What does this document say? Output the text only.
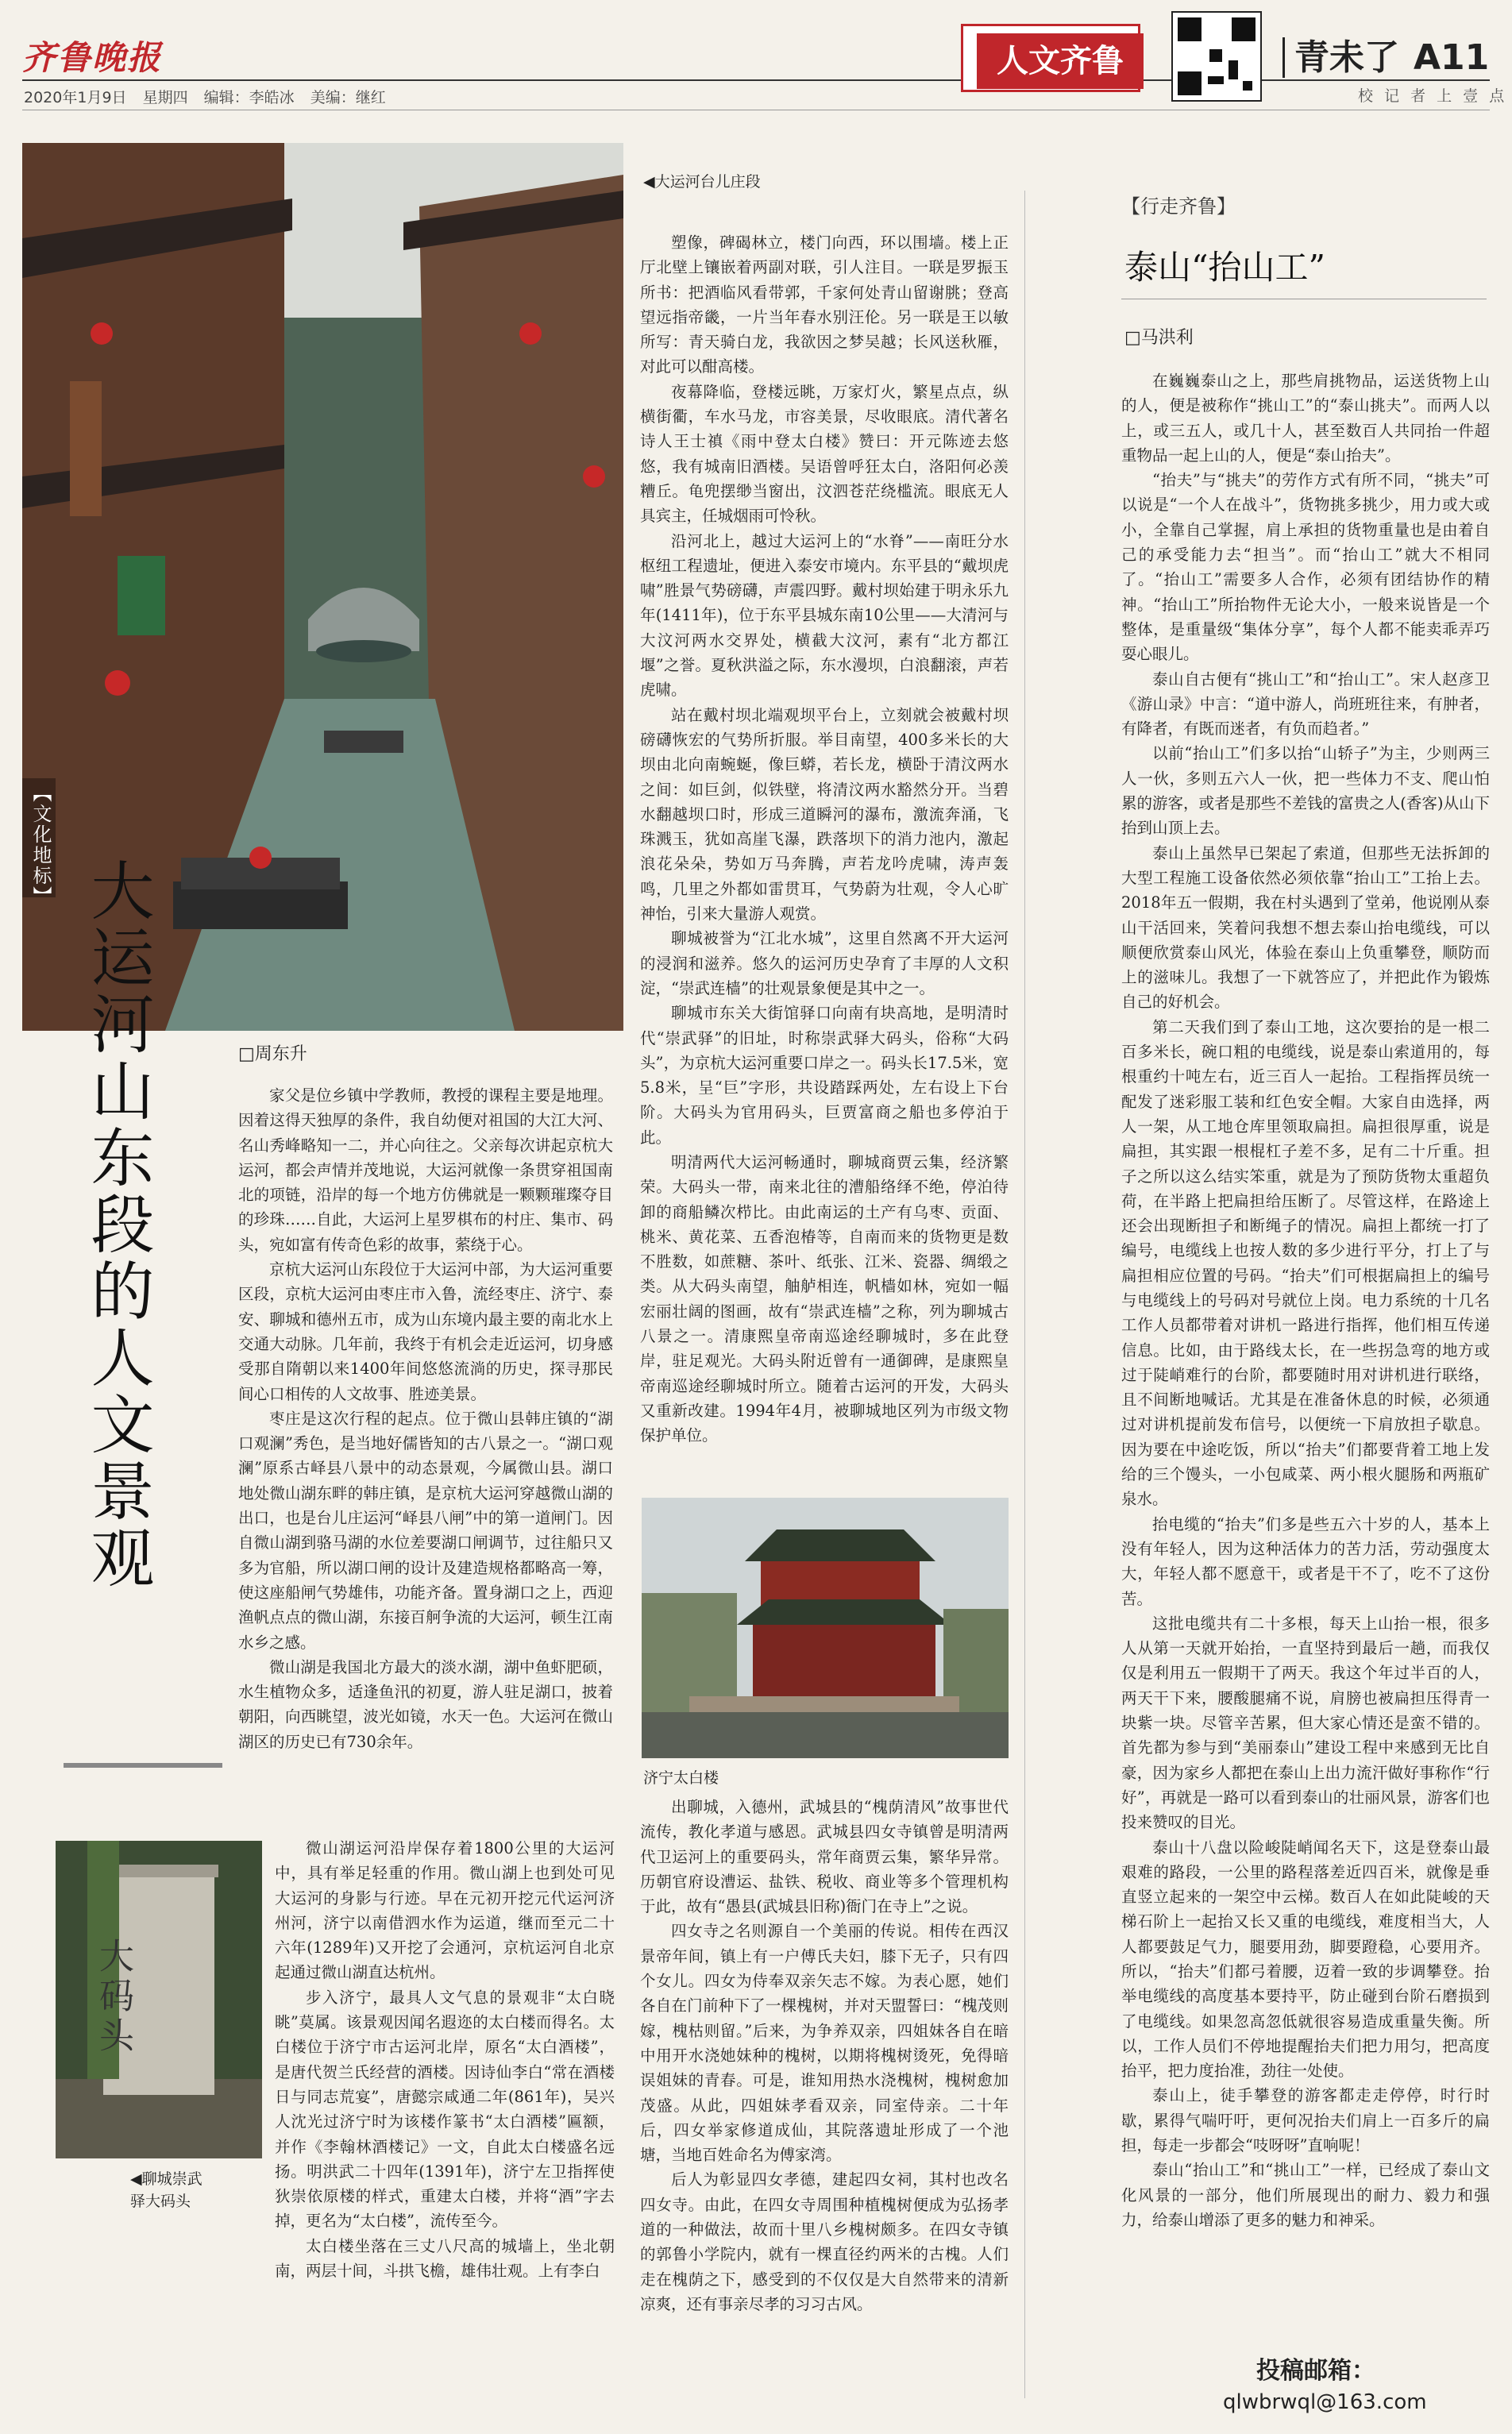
齐鲁晚报
2020年1月9日 星期四 编辑：李皓冰 美编：继红
人文齐鲁	青未了 A11
校 记 者 上 壹 点
【文化地标】
◀大运河台儿庄段
大运河山东段的人文景观	□周东升

家父是位乡镇中学教师，教授的课程主要是地理。因着这得天独厚的条件，我自幼便对祖国的大江大河、名山秀峰略知一二，并心向往之。父亲每次讲起京杭大运河，都会声情并茂地说，大运河就像一条贯穿祖国南北的项链，沿岸的每一个地方仿佛就是一颗颗璀璨夺目的珍珠……自此，大运河上星罗棋布的村庄、集市、码头，宛如富有传奇色彩的故事，萦绕于心。

京杭大运河山东段位于大运河中部，为大运河重要区段，京杭大运河由枣庄市入鲁，流经枣庄、济宁、泰安、聊城和德州五市，成为山东境内最主要的南北水上交通大动脉。几年前，我终于有机会走近运河，切身感受那自隋朝以来1400年间悠悠流淌的历史，探寻那民间心口相传的人文故事、胜迹美景。

枣庄是这次行程的起点。位于微山县韩庄镇的“湖口观澜”秀色，是当地好儒皆知的古八景之一。“湖口观澜”原系古峄县八景中的动态景观，今属微山县。湖口地处微山湖东畔的韩庄镇，是京杭大运河穿越微山湖的出口，也是台儿庄运河“峄县八闸”中的第一道闸门。因自微山湖到骆马湖的水位差要湖口闸调节，过往船只又多为官船，所以湖口闸的设计及建造规格都略高一筹，使这座船闸气势雄伟，功能齐备。置身湖口之上，西迎渔帆点点的微山湖，东接百舸争流的大运河，顿生江南水乡之感。

微山湖是我国北方最大的淡水湖，湖中鱼虾肥硕，水生植物众多，适逢鱼汛的初夏，游人驻足湖口，披着朝阳，向西眺望，波光如镜，水天一色。大运河在微山湖区的历史已有730余年。

大码头
◀聊城崇武驿大码头

微山湖运河沿岸保存着1800公里的大运河中，具有举足轻重的作用。微山湖上也到处可见大运河的身影与行迹。早在元初开挖元代运河济州河，济宁以南借泗水作为运道，继而至元二十六年(1289年)又开挖了会通河，京杭运河自北京起通过微山湖直达杭州。

步入济宁，最具人文气息的景观非“太白晓眺”莫属。该景观因闻名遐迩的太白楼而得名。太白楼位于济宁市古运河北岸，原名“太白酒楼”，是唐代贺兰氏经营的酒楼。因诗仙李白“常在酒楼日与同志荒宴”，唐懿宗咸通二年(861年)，吴兴人沈光过济宁时为该楼作篆书“太白酒楼”匾额，并作《李翰林酒楼记》一文，自此太白楼盛名远扬。明洪武二十四年(1391年)，济宁左卫指挥使狄崇依原楼的样式，重建太白楼，并将“酒”字去掉，更名为“太白楼”，流传至今。

太白楼坐落在三丈八尺高的城墙上，坐北朝南，两层十间，斗拱飞檐，雄伟壮观。上有李白

塑像，碑碣林立，楼门向西，环以围墙。楼上正厅北壁上镶嵌着两副对联，引人注目。一联是罗振玉所书：把酒临风看带郭，千家何处青山留谢朓；登高望远指帝畿，一片当年春水别汪伦。另一联是王以敏所写：青天骑白龙，我欲因之梦吴越；长风送秋雁，对此可以酣高楼。

夜幕降临，登楼远眺，万家灯火，繁星点点，纵横街衢，车水马龙，市容美景，尽收眼底。清代著名诗人王士禛《雨中登太白楼》赞曰：开元陈迹去悠悠，我有城南旧酒楼。吴语曾呼狂太白，洛阳何必羡糟丘。龟兜摆缈当窗出，汶泗苍茫绕槛流。眼底无人具宾主，任城烟雨可怜秋。

沿河北上，越过大运河上的“水脊”——南旺分水枢纽工程遗址，便进入泰安市境内。东平县的“戴坝虎啸”胜景气势磅礴，声震四野。戴村坝始建于明永乐九年(1411年)，位于东平县城东南10公里——大清河与大汶河两水交界处，横截大汶河，素有“北方都江堰”之誉。夏秋洪溢之际，东水漫坝，白浪翻滚，声若虎啸。

站在戴村坝北端观坝平台上，立刻就会被戴村坝磅礴恢宏的气势所折服。举目南望，400多米长的大坝由北向南蜿蜒，像巨蟒，若长龙，横卧于清汶两水之间：如巨剑，似铁壁，将清汶两水豁然分开。当碧水翻越坝口时，形成三道瞬河的瀑布，激流奔涌，飞珠溅玉，犹如高崖飞瀑，跌落坝下的消力池内，激起浪花朵朵，势如万马奔腾，声若龙吟虎啸，涛声轰鸣，几里之外都如雷贯耳，气势蔚为壮观，令人心旷神怡，引来大量游人观赏。

聊城被誉为“江北水城”，这里自然离不开大运河的浸润和滋养。悠久的运河历史孕育了丰厚的人文积淀，“崇武连樯”的壮观景象便是其中之一。

聊城市东关大街馆驿口向南有块高地，是明清时代“崇武驿”的旧址，时称崇武驿大码头，俗称“大码头”，为京杭大运河重要口岸之一。码头长17.5米，宽5.8米，呈“巨”字形，共设踏踩两处，左右设上下台阶。大码头为官用码头，巨贾富商之船也多停泊于此。

明清两代大运河畅通时，聊城商贾云集，经济繁荣。大码头一带，南来北往的漕船络绎不绝，停泊待卸的商船鳞次栉比。由此南运的土产有乌枣、贡面、桃米、黄花菜、五香泡椿等，自南而来的货物更是数不胜数，如蔗糖、茶叶、纸张、江米、瓷器、绸缎之类。从大码头南望，舳舻相连，帆樯如林，宛如一幅宏丽壮阔的图画，故有“崇武连樯”之称，列为聊城古八景之一。清康熙皇帝南巡途经聊城时，多在此登岸，驻足观光。大码头附近曾有一通御碑，是康熙皇帝南巡途经聊城时所立。随着古运河的开发，大码头又重新改建。1994年4月，被聊城地区列为市级文物保护单位。

济宁太白楼

出聊城，入德州，武城县的“槐荫清风”故事世代流传，教化孝道与感恩。武城县四女寺镇曾是明清两代卫运河上的重要码头，常年商贾云集，繁华异常。历朝官府设漕运、盐铁、税收、商业等多个管理机构于此，故有“愚县(武城县旧称)衙门在寺上”之说。

四女寺之名则源自一个美丽的传说。相传在西汉景帝年间，镇上有一户傅氏夫妇，膝下无子，只有四个女儿。四女为侍奉双亲矢志不嫁。为表心愿，她们各自在门前种下了一棵槐树，并对天盟誓曰：“槐茂则嫁，槐枯则留。”后来，为争养双亲，四姐妹各自在暗中用开水浇她妹种的槐树，以期将槐树烫死，免得暗误姐妹的青春。可是，谁知用热水浇槐树，槐树愈加茂盛。从此，四姐妹孝看双亲，同室侍亲。二十年后，四女举家修道成仙，其院落遗址形成了一个池塘，当地百姓命名为傅家湾。

后人为彰显四女孝德，建起四女祠，其村也改名四女寺。由此，在四女寺周围种植槐树便成为弘扬孝道的一种做法，故而十里八乡槐树颇多。在四女寺镇的郭鲁小学院内，就有一棵直径约两米的古槐。人们走在槐荫之下，感受到的不仅仅是大自然带来的清新凉爽，还有事亲尽孝的习习古风。

【行走齐鲁】
泰山“抬山工”
□马洪利

在巍巍泰山之上，那些肩挑物品，运送货物上山的人，便是被称作“挑山工”的“泰山挑夫”。而两人以上，或三五人，或几十人，甚至数百人共同抬一件超重物品一起上山的人，便是“泰山抬夫”。

“抬夫”与“挑夫”的劳作方式有所不同，“挑夫”可以说是“一个人在战斗”，货物挑多挑少，用力或大或小，全靠自己掌握，肩上承担的货物重量也是由着自己的承受能力去“担当”。而“抬山工”就大不相同了。“抬山工”需要多人合作，必须有团结协作的精神。“抬山工”所抬物件无论大小，一般来说皆是一个整体，是重量级“集体分享”，每个人都不能卖乖弄巧耍心眼儿。

泰山自古便有“挑山工”和“抬山工”。宋人赵彦卫《游山录》中言：“道中游人，尚班班往来，有肿者，有降者，有既而迷者，有负而趋者。”

以前“抬山工”们多以抬“山轿子”为主，少则两三人一伙，多则五六人一伙，把一些体力不支、爬山怕累的游客，或者是那些不差钱的富贵之人(香客)从山下抬到山顶上去。

泰山上虽然早已架起了索道，但那些无法拆卸的大型工程施工设备依然必须依靠“抬山工”工抬上去。2018年五一假期，我在村头遇到了堂弟，他说刚从泰山干活回来，笑着问我想不想去泰山抬电缆线，可以顺便欣赏泰山风光，体验在泰山上负重攀登，顺防而上的滋味儿。我想了一下就答应了，并把此作为锻炼自己的好机会。

第二天我们到了泰山工地，这次要抬的是一根二百多米长，碗口粗的电缆线，说是泰山索道用的，每根重约十吨左右，近三百人一起抬。工程指挥员统一配发了迷彩服工装和红色安全帽。大家自由选择，两人一架，从工地仓库里领取扁担。扁担很厚重，说是扁担，其实跟一根棍杠子差不多，足有二十斤重。担子之所以这么结实笨重，就是为了预防货物太重超负荷，在半路上把扁担给压断了。尽管这样，在路途上还会出现断担子和断绳子的情况。扁担上都统一打了编号，电缆线上也按人数的多少进行平分，打上了与扁担相应位置的号码。“抬夫”们可根据扁担上的编号与电缆线上的号码对号就位上岗。电力系统的十几名工作人员都带着对讲机一路进行指挥，他们相互传递信息。比如，由于路线太长，在一些拐急弯的地方或过于陡峭难行的台阶，都要随时用对讲机进行联络，且不间断地喊话。尤其是在准备休息的时候，必须通过对讲机提前发布信号，以便统一下肩放担子歇息。因为要在中途吃饭，所以“抬夫”们都要背着工地上发给的三个馒头，一小包咸菜、两小根火腿肠和两瓶矿泉水。

抬电缆的“抬夫”们多是些五六十岁的人，基本上没有年轻人，因为这种活体力的苦力活，劳动强度太大，年轻人都不愿意干，或者是干不了，吃不了这份苦。

这批电缆共有二十多根，每天上山抬一根，很多人从第一天就开始抬，一直坚持到最后一趟，而我仅仅是利用五一假期干了两天。我这个年过半百的人，两天干下来，腰酸腿痛不说，肩膀也被扁担压得青一块紫一块。尽管辛苦累，但大家心情还是蛮不错的。首先都为参与到“美丽泰山”建设工程中来感到无比自豪，因为家乡人都把在泰山上出力流汗做好事称作“行好”，再就是一路可以看到泰山的壮丽风景，游客们也投来赞叹的目光。

泰山十八盘以险峻陡峭闻名天下，这是登泰山最艰难的路段，一公里的路程落差近四百米，就像是垂直竖立起来的一架空中云梯。数百人在如此陡峻的天梯石阶上一起抬又长又重的电缆线，难度相当大，人人都要鼓足气力，腿要用劲，脚要蹬稳，心要用齐。所以，“抬夫”们都弓着腰，迈着一致的步调攀登。抬举电缆线的高度基本要持平，防止碰到台阶石磨损到了电缆线。如果忽高忽低就很容易造成重量失衡。所以，工作人员们不停地提醒抬夫们把力用匀，把高度抬平，把力度抬准，劲往一处使。

泰山上，徒手攀登的游客都走走停停，时行时歇，累得气喘吁吁，更何况抬夫们肩上一百多斤的扁担，每走一步都会“吱呀呀”直响呢！

泰山“抬山工”和“挑山工”一样，已经成了泰山文化风景的一部分，他们所展现出的耐力、毅力和强力，给泰山增添了更多的魅力和神采。

投稿邮箱：
qlwbrwql@163.com
